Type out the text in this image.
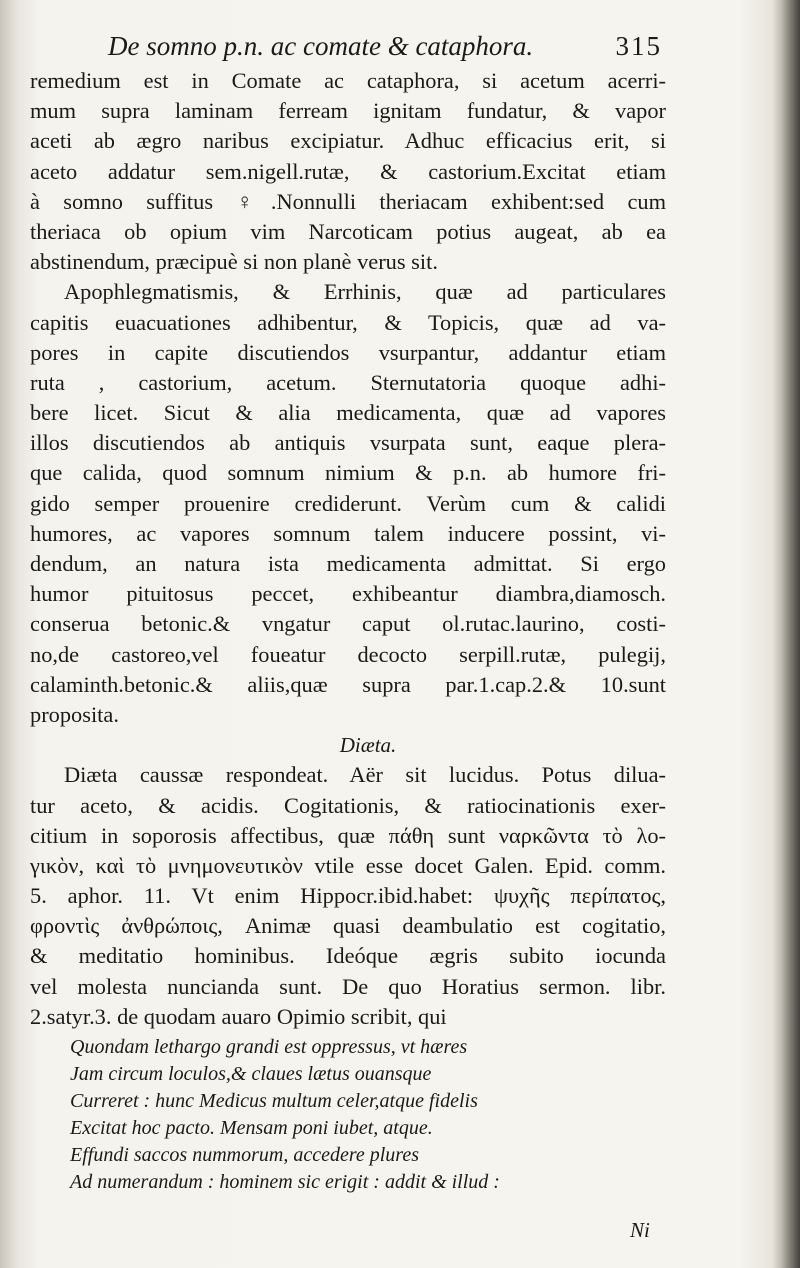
De somno p.n. ac comate & cataphora.	315
remedium est in Comate ac cataphora, si acetum acerri-
mum supra laminam ferream ignitam fundatur, & vapor
aceti ab ægro naribus excipiatur. Adhuc efficacius erit, si
aceto addatur sem.nigell.rutæ, & castorium.Excitat etiam
à somno suffitus ♀.Nonnulli theriacam exhibent:sed cum
theriaca ob opium vim Narcoticam potius augeat, ab ea
abstinendum, præcipuè si non planè verus sit.
Apophlegmatismis, & Errhinis, quæ ad particulares
capitis euacuationes adhibentur, & Topicis, quæ ad va-
pores in capite discutiendos vsurpantur, addantur etiam
ruta , castorium, acetum. Sternutatoria quoque adhi-
bere licet. Sicut & alia medicamenta, quæ ad vapores
illos discutiendos ab antiquis vsurpata sunt, eaque plera-
que calida, quod somnum nimium & p.n. ab humore fri-
gido semper prouenire crediderunt. Verùm cum & calidi
humores, ac vapores somnum talem inducere possint, vi-
dendum, an natura ista medicamenta admittat. Si ergo
humor pituitosus peccet, exhibeantur diambra,diamosch.
conserua betonic.& vngatur caput ol.rutac.laurino, costi-
no,de castoreo,vel foueatur decocto serpill.rutæ, pulegij,
calaminth.betonic.& aliis,quæ supra par.1.cap.2.& 10.sunt
proposita.
Diæta.
Diæta caussæ respondeat. Aër sit lucidus. Potus dilua-
tur aceto, & acidis. Cogitationis, & ratiocinationis exer-
citium in soporosis affectibus, quæ πάθη sunt ναρκῶντα τὸ λο-
γικὸν, καὶ τὸ μνημονευτικὸν vtile esse docet Galen. Epid. comm.
5. aphor. 11. Vt enim Hippocr.ibid.habet: ψυχῆς περίπατος,
φροντὶς ἀνθρώποις, Animæ quasi deambulatio est cogitatio,
& meditatio hominibus. Ideóque ægris subito iocunda
vel molesta nuncianda sunt. De quo Horatius sermon. libr.
2.satyr.3. de quodam auaro Opimio scribit, qui
Quondam lethargo grandi est oppressus, vt hæres
Jam circum loculos,& claues lætus ouansque
Curreret : hunc Medicus multum celer,atque fidelis
Excitat hoc pacto. Mensam poni iubet, atque.
Effundi saccos nummorum, accedere plures
Ad numerandum : hominem sic erigit : addit & illud :
Ni
